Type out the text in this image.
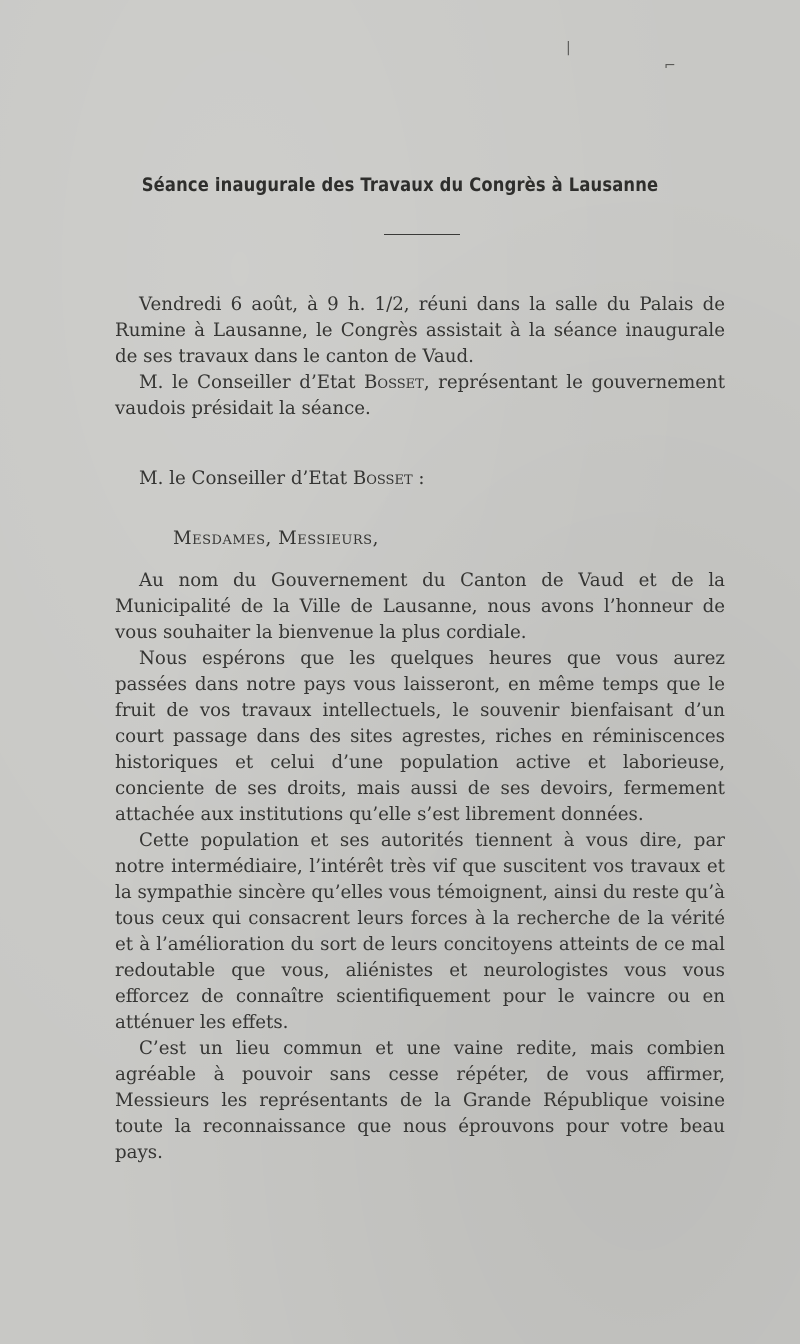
|
⌐
Séance inaugurale des Travaux du Congrès à Lausanne

Vendredi 6 août, à 9 h. 1/2, réuni dans la salle du Palais de Rumine à Lausanne, le Congrès assistait à la séance inaugurale de ses travaux dans le canton de Vaud.

M. le Conseiller d’Etat Bosset, représentant le gouvernement vaudois présidait la séance.

M. le Conseiller d’Etat Bosset :
Mesdames, Messieurs,

Au nom du Gouvernement du Canton de Vaud et de la Municipalité de la Ville de Lausanne, nous avons l’honneur de vous souhaiter la bienvenue la plus cordiale.

Nous espérons que les quelques heures que vous aurez passées dans notre pays vous laisseront, en même temps que le fruit de vos travaux intellectuels, le souvenir bienfaisant d’un court passage dans des sites agrestes, riches en réminiscences historiques et celui d’une population active et laborieuse, conciente de ses droits, mais aussi de ses devoirs, fermement attachée aux institutions qu’elle s’est librement données.

Cette population et ses autorités tiennent à vous dire, par notre intermédiaire, l’intérêt très vif que suscitent vos travaux et la sympathie sincère qu’elles vous témoignent, ainsi du reste qu’à tous ceux qui consacrent leurs forces à la recherche de la vérité et à l’amélioration du sort de leurs concitoyens atteints de ce mal redoutable que vous, aliénistes et neurologistes vous vous efforcez de connaître scientifiquement pour le vaincre ou en atténuer les effets.

C’est un lieu commun et une vaine redite, mais combien agréable à pouvoir sans cesse répéter, de vous affirmer, Messieurs les représentants de la Grande République voisine toute la reconnaissance que nous éprouvons pour votre beau pays.
